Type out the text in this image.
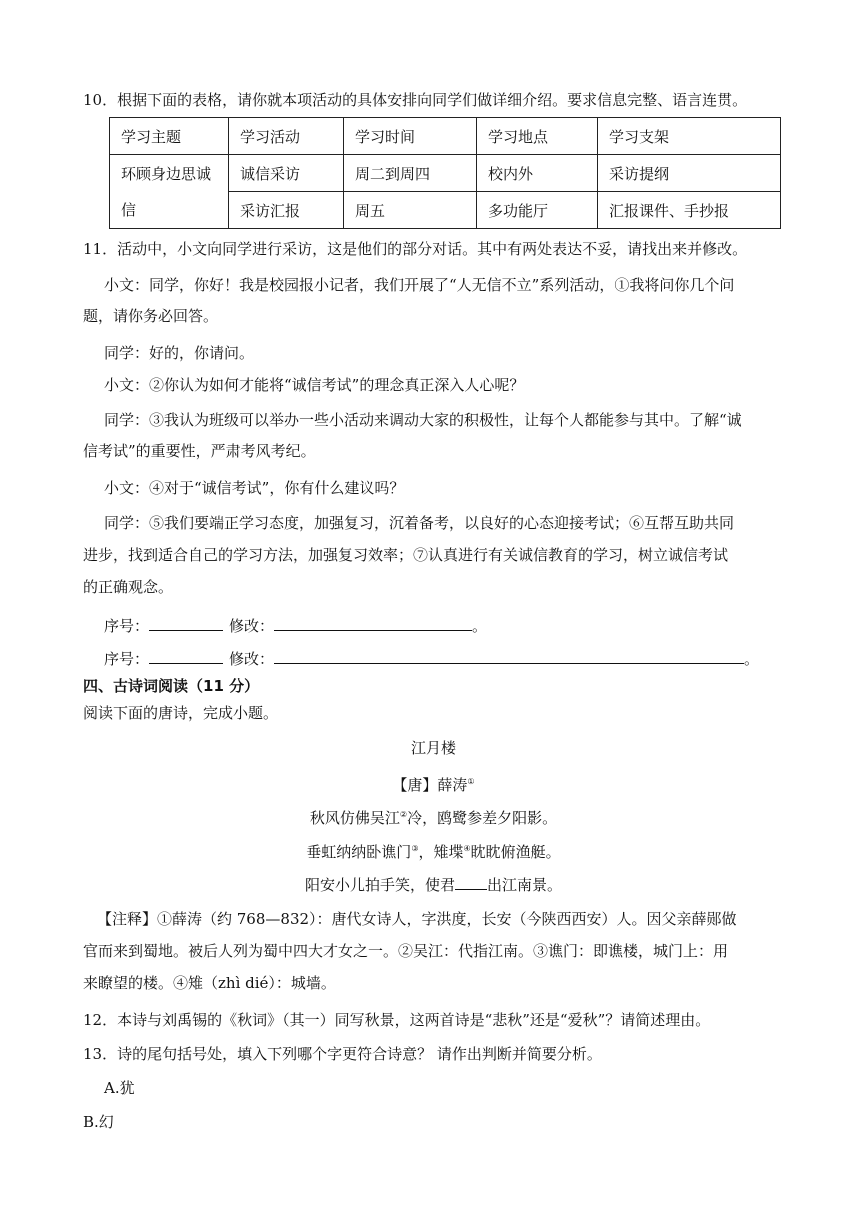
10．根据下面的表格，请你就本项活动的具体安排向同学们做详细介绍。要求信息完整、语言连贯。
学习主题	学习活动	学习时间	学习地点	学习支架
环顾身边思诚信	诚信采访	周二到周四	校内外	采访提纲
	采访汇报	周五	多功能厅	汇报课件、手抄报
11．活动中，小文向同学进行采访，这是他们的部分对话。其中有两处表达不妥，请找出来并修改。
小文：同学，你好！我是校园报小记者，我们开展了“人无信不立”系列活动，①我将问你几个问
题，请你务必回答。
同学：好的，你请问。
小文：②你认为如何才能将“诚信考试”的理念真正深入人心呢？
同学：③我认为班级可以举办一些小活动来调动大家的积极性，让每个人都能参与其中。了解“诚
信考试”的重要性，严肃考风考纪。
小文：④对于“诚信考试”，你有什么建议吗？
同学：⑤我们要端正学习态度，加强复习，沉着备考，以良好的心态迎接考试；⑥互帮互助共同
进步，找到适合自己的学习方法，加强复习效率；⑦认真进行有关诚信教育的学习，树立诚信考试
的正确观念。
序号：	修改：	。
序号：	修改：	。
四、古诗词阅读（11 分）
阅读下面的唐诗，完成小题。
江月楼
【唐】薛涛①
秋风仿佛吴江②冷，鸥鹭参差夕阳影。
垂虹纳纳卧谯门③，雉堞④眈眈俯渔艇。
阳安小儿拍手笑，使君 出江南景。
【注释】①薛涛（约 768—832）：唐代女诗人，字洪度，长安（今陕西西安）人。因父亲薛郧做
官而来到蜀地。被后人列为蜀中四大才女之一。②吴江：代指江南。③谯门：即谯楼，城门上：用
来瞭望的楼。④雉（zhì dié）：城墙。
12．本诗与刘禹锡的《秋词》（其一）同写秋景，这两首诗是“悲秋”还是“爱秋”？请简述理由。
13．诗的尾句括号处，填入下列哪个字更符合诗意？ 请作出判断并简要分析。
A.犹
B.幻
